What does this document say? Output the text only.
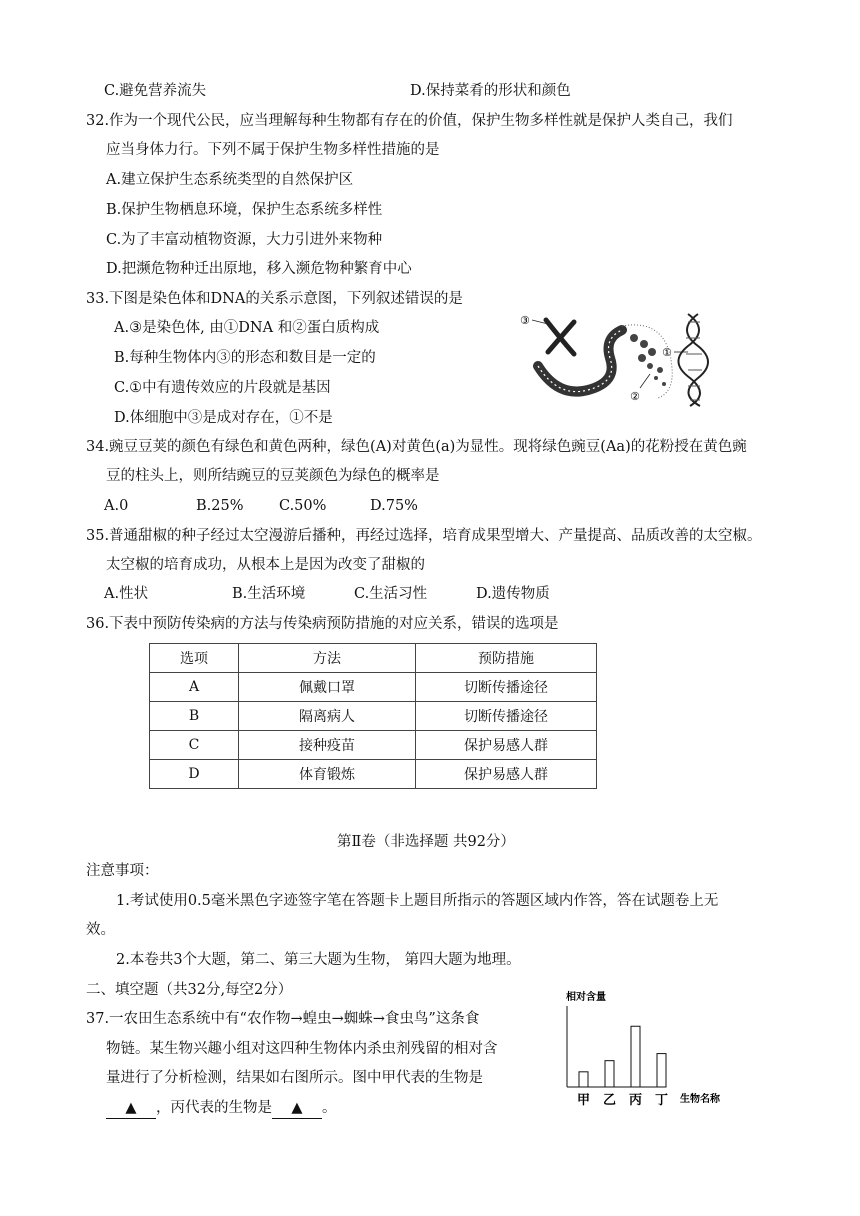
C.避免营养流失	D.保持菜肴的形状和颜色
32.作为一个现代公民，应当理解每种生物都有存在的价值，保护生物多样性就是保护人类自己，我们
应当身体力行。下列不属于保护生物多样性措施的是
A.建立保护生态系统类型的自然保护区
B.保护生物栖息环境，保护生态系统多样性
C.为了丰富动植物资源，大力引进外来物种
D.把濒危物种迁出原地，移入濒危物种繁育中心
33.下图是染色体和DNA的关系示意图，下列叙述错误的是
A.③是染色体, 由①DNA 和②蛋白质构成
B.每种生物体内③的形态和数目是一定的
C.①中有遗传效应的片段就是基因
D.体细胞中③是成对存在，①不是
③
①
②
34.豌豆豆荚的颜色有绿色和黄色两种，绿色(A)对黄色(a)为显性。现将绿色豌豆(Aa)的花粉授在黄色豌
豆的柱头上，则所结豌豆的豆荚颜色为绿色的概率是
A.0	B.25% C.50%	D.75%
35.普通甜椒的种子经过太空漫游后播种，再经过选择，培育成果型增大、产量提高、品质改善的太空椒。
太空椒的培育成功，从根本上是因为改变了甜椒的
A.性状	B.生活环境	C.生活习性	D.遗传物质
36.下表中预防传染病的方法与传染病预防措施的对应关系，错误的选项是
选项	方法	预防措施
A	佩戴口罩	切断传播途径
B	隔离病人	切断传播途径
C	接种疫苗	保护易感人群
D	体育锻炼	保护易感人群
第Ⅱ卷（非选择题 共92分）
注意事项：
1.考试使用0.5毫米黑色字迹签字笔在答题卡上题目所指示的答题区域内作答，答在试题卷上无
效。
2.本卷共3个大题，第二、第三大题为生物， 第四大题为地理。
二、填空题（共32分,每空2分）
37.一农田生态系统中有“农作物→蝗虫→蜘蛛→食虫鸟”这条食
物链。某生物兴趣小组对这四种生物体内杀虫剂残留的相对含
量进行了分析检测，结果如右图所示。图中甲代表的生物是
▲ ，丙代表的生物是 ▲ 。
相对含量
甲 乙 丙 丁 生物名称
